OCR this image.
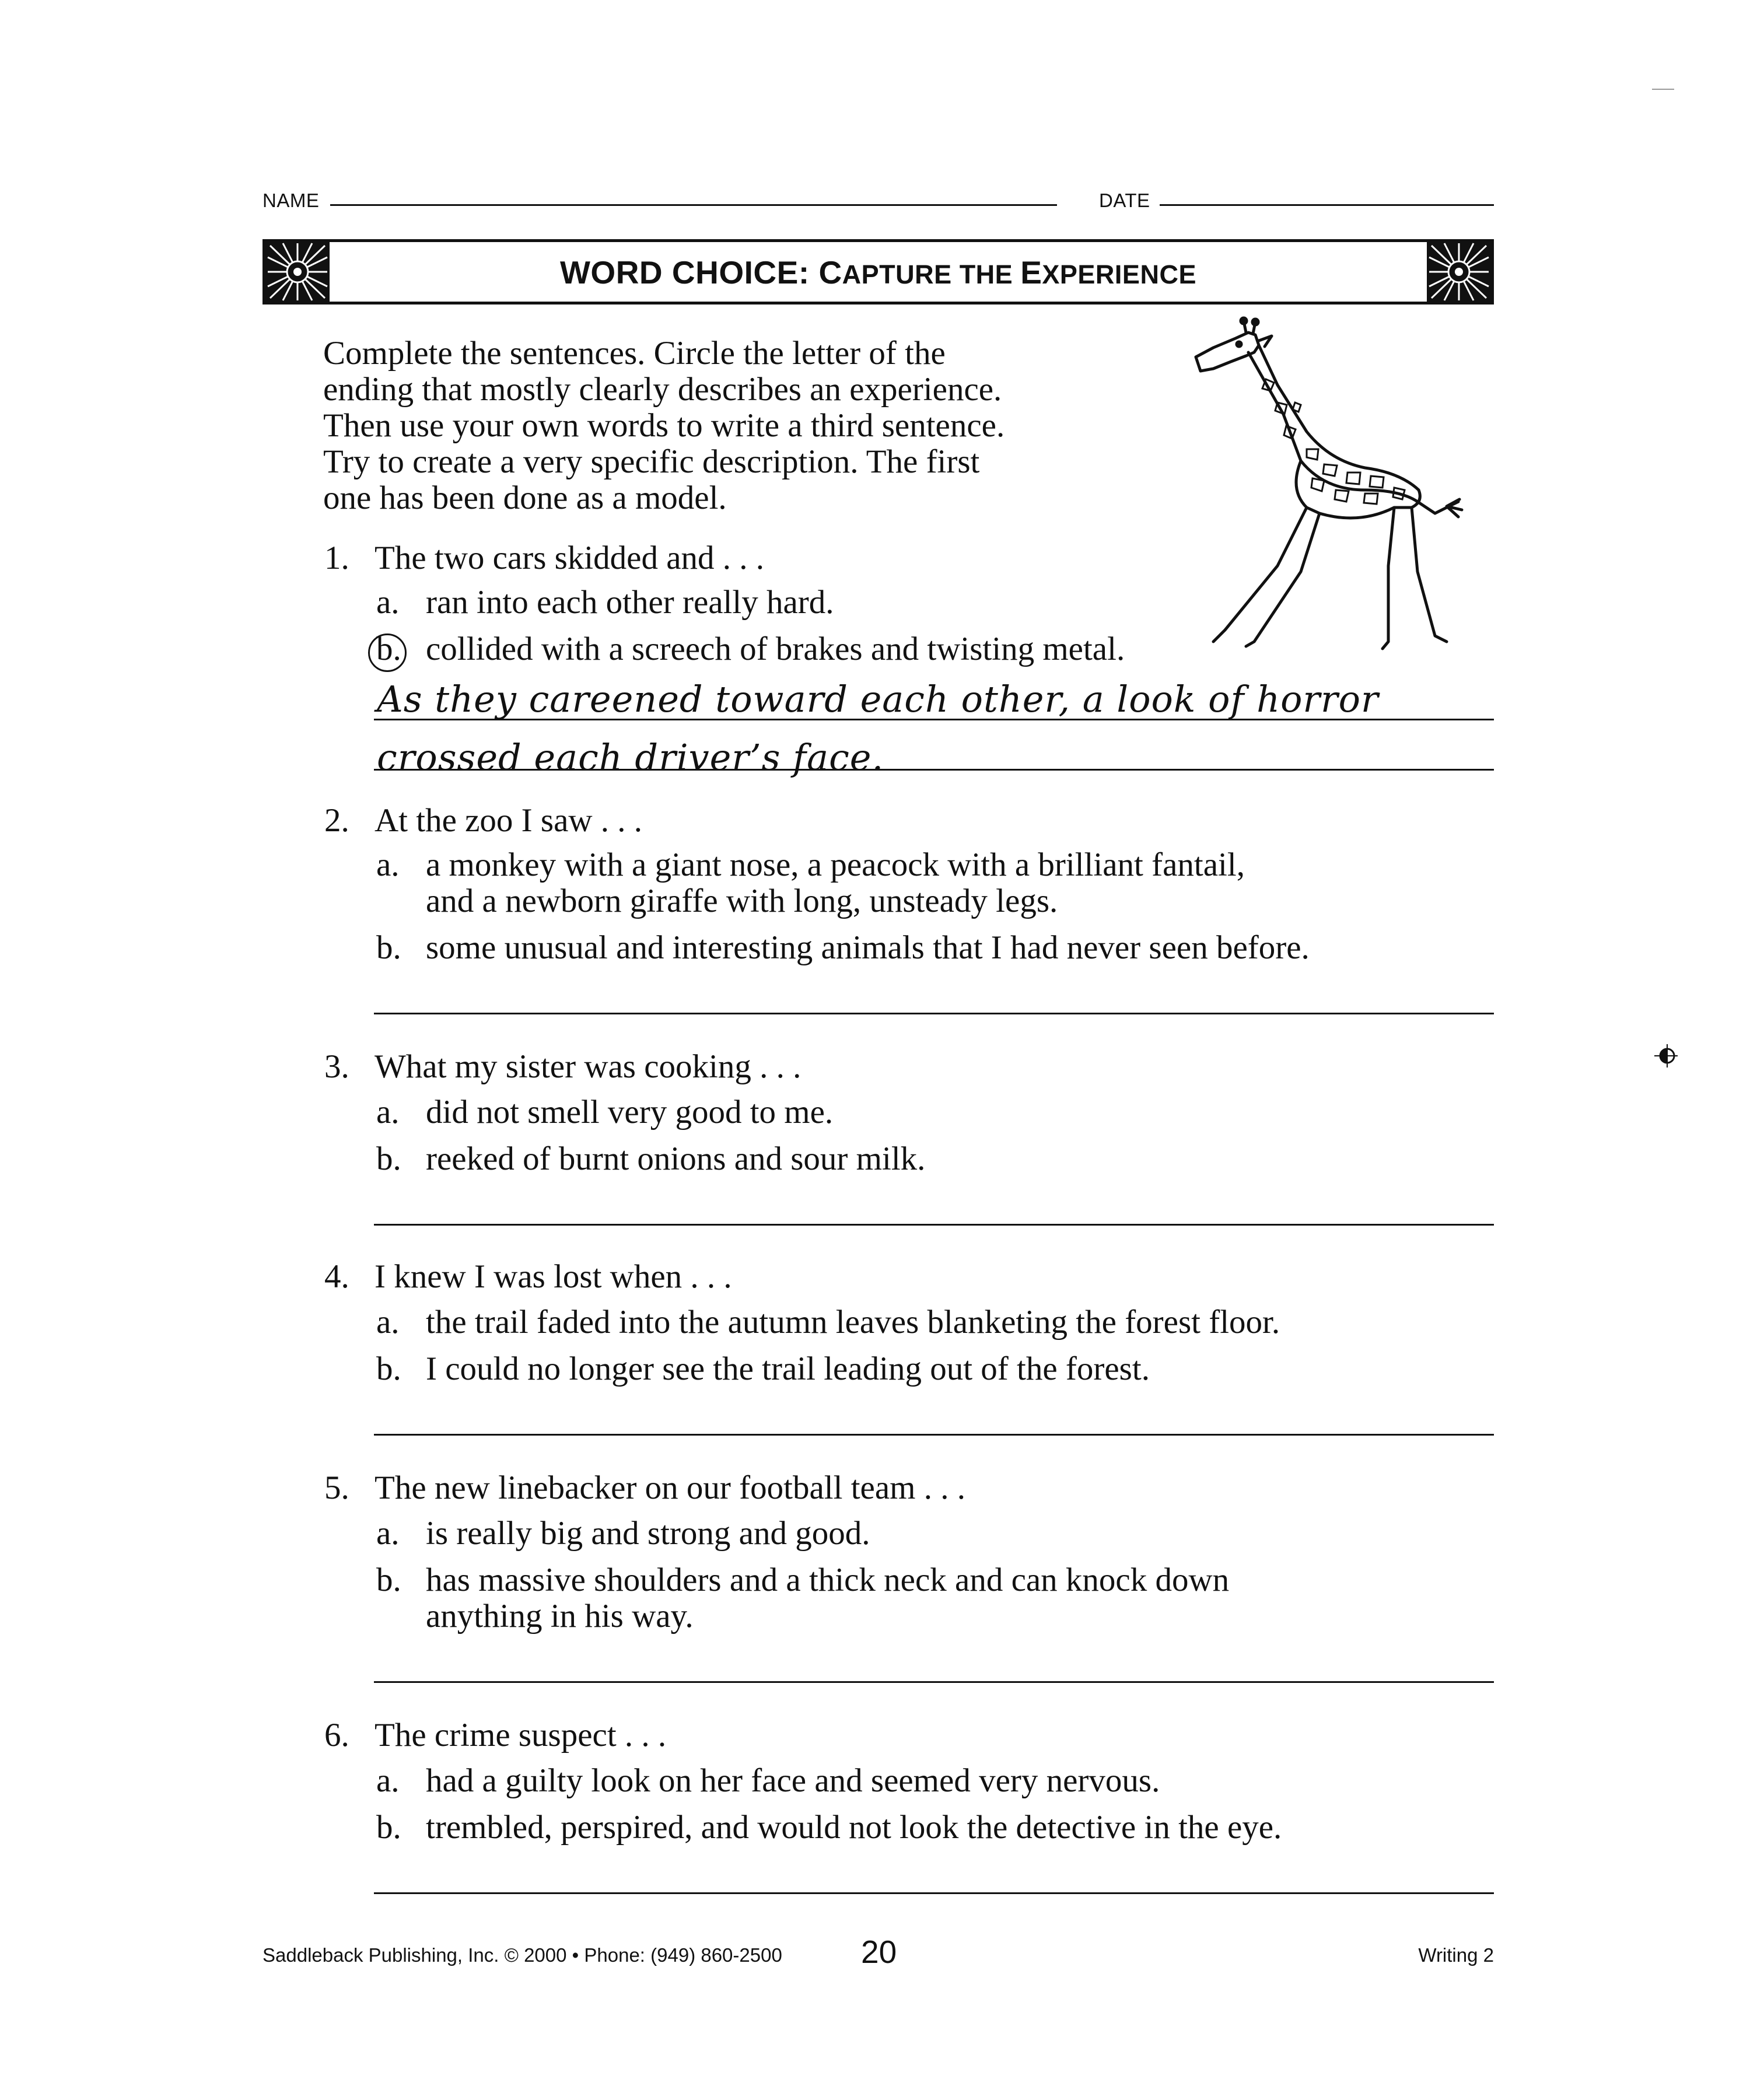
NAME	DATE
WORD CHOICE: CAPTURE THE EXPERIENCE
Complete the sentences. Circle the letter of the
ending that mostly clearly describes an experience.
Then use your own words to write a third sentence.
Try to create a very specific description. The first
one has been done as a model.
1. The two cars skidded and . . .
a. ran into each other really hard.
b. collided with a screech of brakes and twisting metal.
As they careened toward each other, a look of horror
crossed each driver’s face.
2. At the zoo I saw . . .
a. a monkey with a giant nose, a peacock with a brilliant fantail,
and a newborn giraffe with long, unsteady legs.
b. some unusual and interesting animals that I had never seen before.
3. What my sister was cooking . . .
a. did not smell very good to me.
b. reeked of burnt onions and sour milk.
4. I knew I was lost when . . .
a. the trail faded into the autumn leaves blanketing the forest floor.
b. I could no longer see the trail leading out of the forest.
5. The new linebacker on our football team . . .
a. is really big and strong and good.
b. has massive shoulders and a thick neck and can knock down
anything in his way.
6. The crime suspect . . .
a. had a guilty look on her face and seemed very nervous.
b. trembled, perspired, and would not look the detective in the eye.
Saddleback Publishing, Inc. © 2000 • Phone: (949) 860-2500 20	Writing 2
